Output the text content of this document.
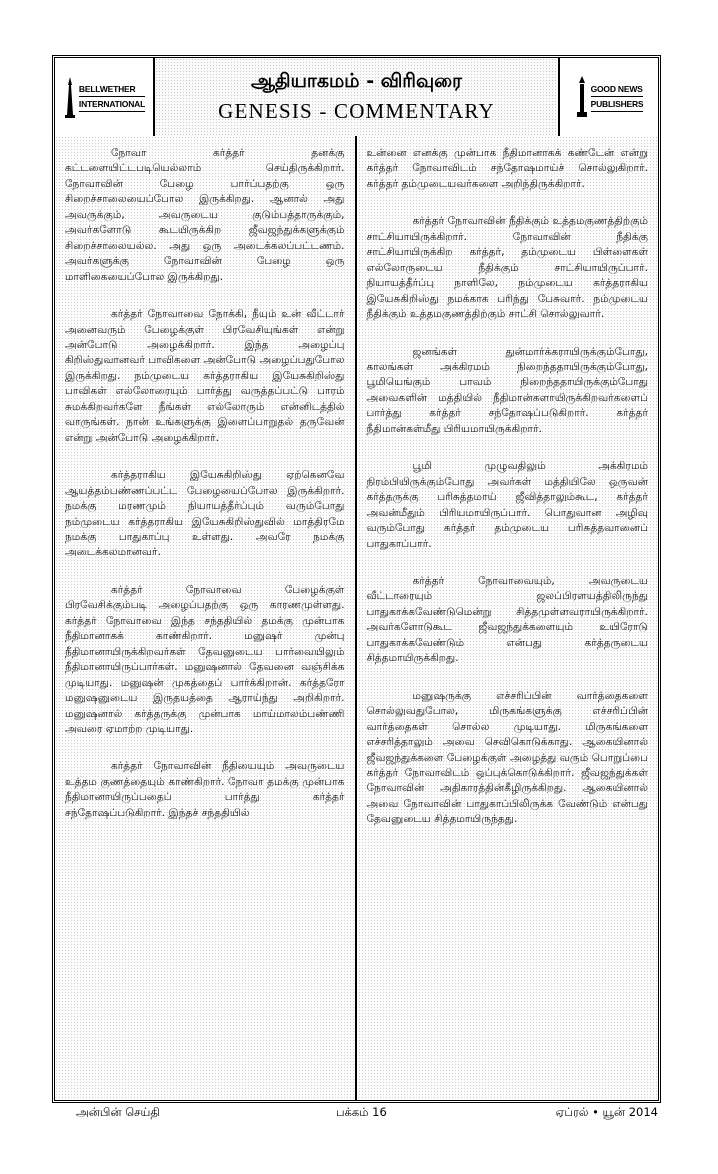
BELLWETHER
INTERNATIONAL
ஆதியாகமம் - விரிவுரை
GENESIS - COMMENTARY
GOOD NEWS
PUBLISHERS

நோவா கர்த்தர் தனக்கு கட்டளையிட்டபடியெல்லாம் செய்திருக்கிறார். நோவாவின் பேழை பார்ப்பதற்கு ஒரு சிறைச்சாலையைப்போல இருக்கிறது. ஆனால் அது அவருக்கும், அவருடைய குடும்பத்தாருக்கும், அவர்களோடு கூடயிருக்கிற ஜீவஜந்துக்களுக்கும் சிறைச்சாலையல்ல. அது ஒரு அடைக்கலப்பட்டணம். அவர்களுக்கு நோவாவின் பேழை ஒரு மாளிகையைப்போல இருக்கிறது.

கர்த்தர் நோவாவை நோக்கி, நீயும் உன் வீட்டார் அனைவரும் பேழைக்குள் பிரவேசியுங்கள் என்று அன்போடு அழைக்கிறார். இந்த அழைப்பு கிறிஸ்துவானவர் பாவிகளை அன்போடு அழைப்பதுபோல இருக்கிறது. நம்முடைய கர்த்தராகிய இயேசுகிறிஸ்து பாவிகள் எல்லோரையும் பார்த்து வருத்தப்பட்டு பாரம் சுமக்கிறவர்களே நீங்கள் எல்லோரும் என்னிடத்தில் வாருங்கள். நான் உங்களுக்கு இளைப்பாறுதல் தருவேன் என்று அன்போடு அழைக்கிறார்.

கர்த்தராகிய இயேசுகிறிஸ்து ஏற்கெனவே ஆயத்தம்பண்ணப்பட்ட பேழையைப்போல இருக்கிறார். நமக்கு மரணமும் நியாயத்தீர்ப்பும் வரும்போது நம்முடைய கர்த்தராகிய இயேசுகிறிஸ்துவில் மாத்திரமே நமக்கு பாதுகாப்பு உள்ளது. அவரே நமக்கு அடைக்கலமானவர்.

கர்த்தர் நோவாவை பேழைக்குள் பிரவேசிக்கும்படி அழைப்பதற்கு ஒரு காரணமுள்ளது. கர்த்தர் நோவாவை இந்த சந்ததியில் தமக்கு முன்பாக நீதிமானாகக் காண்கிறார். மனுஷர் முன்பு நீதிமானாயிருக்கிறவர்கள் தேவனுடைய பார்வையிலும் நீதிமானாயிருப்பார்கள். மனுஷனால் தேவனை வஞ்சிக்க முடியாது. மனுஷன் முகத்தைப் பார்க்கிறான். கர்த்தரோ மனுஷனுடைய இருதயத்தை ஆராய்ந்து அறிகிறார். மனுஷனால் கர்த்தருக்கு முன்பாக மாய்மாலம்பண்ணி அவரை ஏமாற்ற முடியாது.

கர்த்தர் நோவாவின் நீதியையும் அவருடைய உத்தம குணத்தையும் காண்கிறார். நோவா தமக்கு முன்பாக நீதிமானாயிருப்பதைப் பார்த்து கர்த்தர் சந்தோஷப்படுகிறார். இந்தச் சந்ததியில்

உன்னை எனக்கு முன்பாக நீதிமானாகக் கண்டேன் என்று கர்த்தர் நோவாவிடம் சந்தோஷமாய்ச் சொல்லுகிறார். கர்த்தர் தம்முடையவர்களை அறிந்திருக்கிறார்.

கர்த்தர் நோவாவின் நீதிக்கும் உத்தமகுணத்திற்கும் சாட்சியாயிருக்கிறார். நோவாவின் நீதிக்கு சாட்சியாயிருக்கிற கர்த்தர், தம்முடைய பிள்ளைகள் எல்லோருடைய நீதிக்கும் சாட்சியாயிருப்பார். நியாயத்தீர்ப்பு நாளிலே, நம்முடைய கர்த்தராகிய இயேசுகிறிஸ்து நமக்காக பரிந்து பேசுவார். நம்முடைய நீதிக்கும் உத்தமகுணத்திற்கும் சாட்சி சொல்லுவார்.

ஜனங்கள் துன்மார்க்கராயிருக்கும்போது, காலங்கள் அக்கிரமம் நிறைந்ததாயிருக்கும்போது, பூமியெங்கும் பாவம் நிறைந்ததாயிருக்கும்போது அவைகளின் மத்தியில் நீதிமான்களாயிருக்கிறவர்களைப் பார்த்து கர்த்தர் சந்தோஷப்படுகிறார். கர்த்தர் நீதிமான்கள்மீது பிரியமாயிருக்கிறார்.

பூமி முழுவதிலும் அக்கிரமம் நிரம்பியிருக்கும்போது அவர்கள் மத்தியிலே ஒருவன் கர்த்தருக்கு பரிசுத்தமாய் ஜீவித்தாலும்கூட, கர்த்தர் அவன்மீதும் பிரியமாயிருப்பார். பொதுவான அழிவு வரும்போது கர்த்தர் தம்முடைய பரிசுத்தவானைப் பாதுகாப்பார்.

கர்த்தர் நோவாவையும், அவருடைய வீட்டாரையும் ஜலப்பிரளயத்திலிருந்து பாதுகாக்கவேண்டுமென்று சித்தமுள்ளவராயிருக்கிறார். அவர்களோடுகூட ஜீவஜந்துக்களையும் உயிரோடு பாதுகாக்கவேண்டும் என்பது கர்த்தருடைய சித்தமாயிருக்கிறது.

மனுஷருக்கு எச்சரிப்பின் வார்த்தைகளை சொல்லுவதுபோல, மிருகங்களுக்கு எச்சரிப்பின் வார்த்தைகள் சொல்ல முடியாது. மிருகங்களை எச்சரித்தாலும் அவை செவிகொடுக்காது. ஆகையினால் ஜீவஜந்துக்களை பேழைக்குள் அழைத்து வரும் பொறுப்பை கர்த்தர் நோவாவிடம் ஒப்புக்கொடுக்கிறார். ஜீவஜந்துக்கள் நோவாவின் அதிகாரத்தின்கீழிருக்கிறது. ஆகையினால் அவை நோவாவின் பாதுகாப்பிலிருக்க வேண்டும் என்பது தேவனுடைய சித்தமாயிருந்தது.

அன்பின் செய்தி	பக்கம் 16	ஏப்ரல் • யூன் 2014
